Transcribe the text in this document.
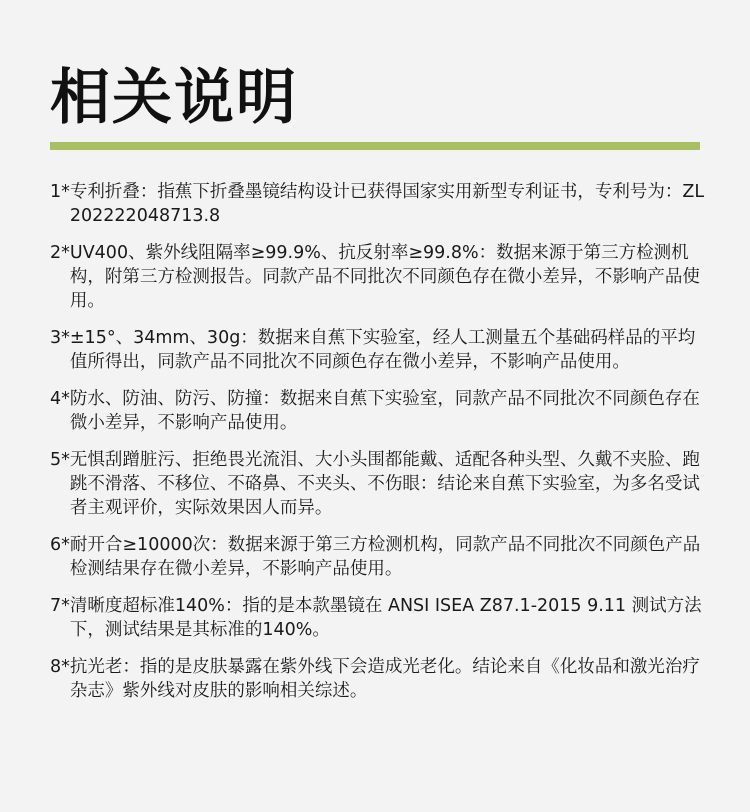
相关说明
1* 专利折叠：指蕉下折叠墨镜结构设计已获得国家实用新型专利证书，专利号为：ZL202222048713.8
2* UV400、紫外线阻隔率≥99.9%、抗反射率≥99.8%：数据来源于第三方检测机构，附第三方检测报告。同款产品不同批次不同颜色存在微小差异，不影响产品使用。
3* ±15°、34mm、30g：数据来自蕉下实验室，经人工测量五个基础码样品的平均值所得出，同款产品不同批次不同颜色存在微小差异，不影响产品使用。
4* 防水、防油、防污、防撞：数据来自蕉下实验室，同款产品不同批次不同颜色存在微小差异，不影响产品使用。
5* 无惧刮蹭脏污、拒绝畏光流泪、大小头围都能戴、适配各种头型、久戴不夹脸、跑跳不滑落、不移位、不硌鼻、不夹头、不伤眼：结论来自蕉下实验室，为多名受试者主观评价，实际效果因人而异。
6* 耐开合≥10000次：数据来源于第三方检测机构，同款产品不同批次不同颜色产品检测结果存在微小差异，不影响产品使用。
7* 清晰度超标准140%：指的是本款墨镜在 ANSI ISEA Z87.1-2015 9.11 测试方法下，测试结果是其标准的140%。
8* 抗光老：指的是皮肤暴露在紫外线下会造成光老化。结论来自《化妆品和激光治疗杂志》紫外线对皮肤的影响相关综述。
